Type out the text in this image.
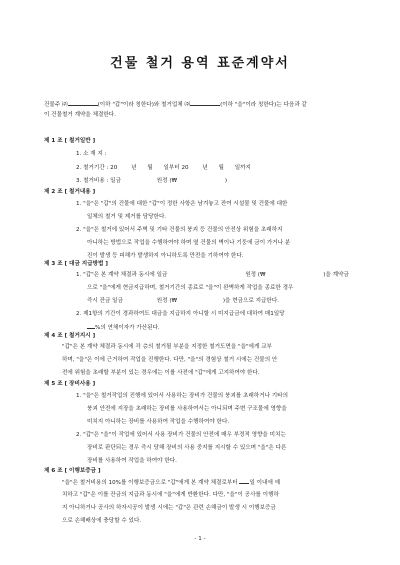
건물 철거 용역 표준계약서
건물주 ㈜	(이하 "갑"이라 칭한다)와 철거업체 ㈜	(이하 "을"이라 칭한다)는 다음과 같
이 건물철거 계약을 체결한다.
제 1 조 [ 철거일반 ]
1. 소 재 지 :
2. 철거기간 : 20 년 월 일부터 20 년 월 일까지
3. 철거비용 : 일금	원정 (₩	)
제 2 조 [ 철거내용 ]
1. "을"은 "갑"의 건물에 대한 "갑"이 정한 사항은 남겨놓고 잔여 시설물 및 건물에 대한
일체의 철거 및 제거를 담당한다.
2. "을"은 철거에 있어서 주벽 및 기타 건물의 붕괴 등 건물의 안전상 위험을 초래하지
아니하는 방법으로 작업을 수행하여야 하며 옆 건물의 벽이나 기둥에 금이 가거나 분
진이 발생 등 피해가 발생하지 아니하도록 만전을 기하여야 한다.
제 3 조 [ 대금 지급방법 ]
1. "갑"은 본 계약 체결과 동시에 일금	원정 (₩	)을 계약금
으로 "을"에게 현금지급하며, 철거기간의 종료로 "을"이 완벽하게 작업을 종료한 경우
즉시 잔금 일금	원정 (₩	)을 현금으로 지급한다.
2. 제1항의 기간이 경과하여도 대금을 지급하지 아니할 시 미지급금에 대하여 매1일당
%의 연체이자가 가산된다.
제 4 조 [ 철거지시 ]
"갑"은 본 계약 체결과 동시에 각 층의 철거될 부분을 지정한 철거도면을 "을"에게 교부
하며, "을"은 이에 근거하여 작업을 진행한다. 다만, "을"의 경험상 철거 시에는 건물의 안
전에 위험을 초래할 부분이 있는 경우에는 이를 사전에 "갑"에게 고지하여야 한다.
제 5 조 [ 장비사용 ]
1. "을"은 철거작업의 진행에 있어서 사용하는 장비가 건물의 붕괴를 초래하거나 기타의
붕괴 안전에 지장을 초래하는 장비를 사용하여서는 아니되며 주변 구조물에 영향을
미치지 아니하는 장비를 사용하여 작업을 수행하여야 한다.
2. "갑"은 "을"이 작업에 있어서 사용 장비가 건물의 안전에 매우 부정적 영향을 미치는
장비로 판단되는 경우 즉시 당해 장비의 사용 중지를 지시할 수 있으며 "을"은 다른
장비를 사용하여 작업을 하여야 한다.
제 6 조 [ 이행보증금 ]
"을"은 철거비용의 10%를 이행보증금으로 "갑"에게 본 계약 체결로부터 일 이내에 예
치하고 "갑"은 이를 잔금의 지급과 동시에 "을"에게 반환한다. 다만, "을"이 공사를 이행하
지 아니하거나 공사의 하자시공이 발생 시에는 "갑"은 관련 손해금이 발생 시 이행보증금
으로 손해배상에 충당할 수 있다.
- 1 -
